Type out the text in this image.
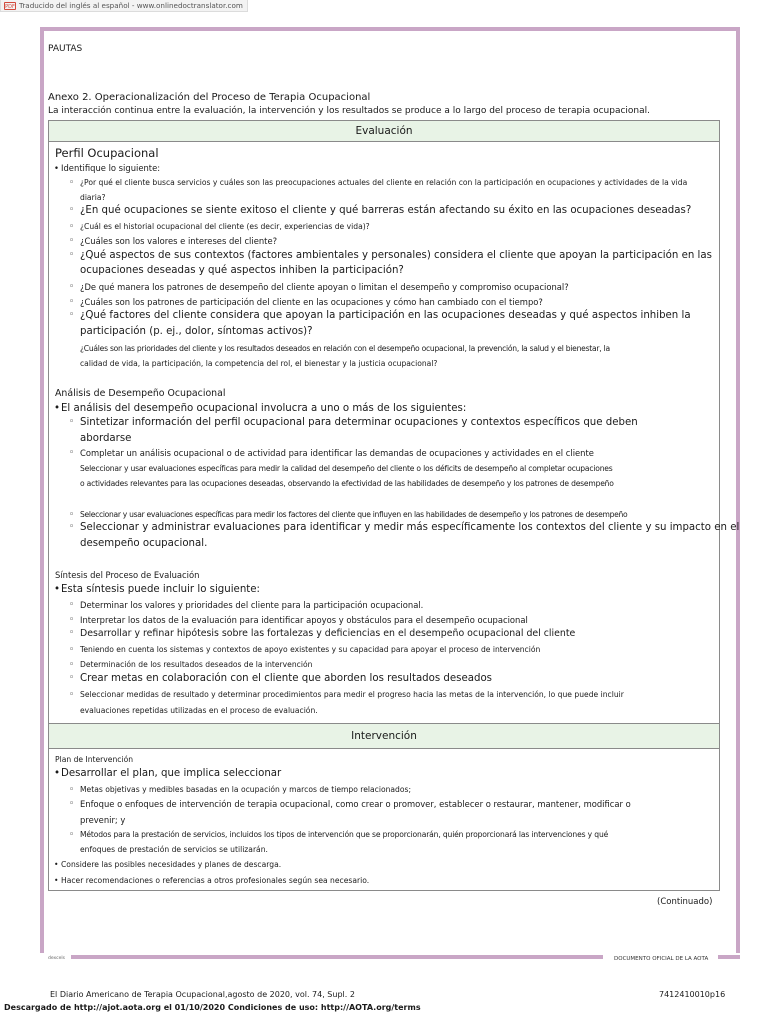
PDF Traducido del inglés al español - www.onlinedoctranslator.com
PAUTAS
Anexo 2. Operacionalización del Proceso de Terapia Ocupacional
La interacción continua entre la evaluación, la intervención y los resultados se produce a lo largo del proceso de terapia ocupacional.
Evaluación
Perfil Ocupacional
• Identifique lo siguiente:
◦ ¿Por qué el cliente busca servicios y cuáles son las preocupaciones actuales del cliente en relación con la participación en ocupaciones y actividades de la vida
diaria?
◦ ¿En qué ocupaciones se siente exitoso el cliente y qué barreras están afectando su éxito en las ocupaciones deseadas?
◦ ¿Cuál es el historial ocupacional del cliente (es decir, experiencias de vida)?
◦ ¿Cuáles son los valores e intereses del cliente?
◦ ¿Qué aspectos de sus contextos (factores ambientales y personales) considera el cliente que apoyan la participación en las
ocupaciones deseadas y qué aspectos inhiben la participación?
◦ ¿De qué manera los patrones de desempeño del cliente apoyan o limitan el desempeño y compromiso ocupacional?
◦ ¿Cuáles son los patrones de participación del cliente en las ocupaciones y cómo han cambiado con el tiempo?
◦ ¿Qué factores del cliente considera que apoyan la participación en las ocupaciones deseadas y qué aspectos inhiben la
participación (p. ej., dolor, síntomas activos)?
¿Cuáles son las prioridades del cliente y los resultados deseados en relación con el desempeño ocupacional, la prevención, la salud y el bienestar, la
calidad de vida, la participación, la competencia del rol, el bienestar y la justicia ocupacional?
Análisis de Desempeño Ocupacional
• El análisis del desempeño ocupacional involucra a uno o más de los siguientes:
◦ Sintetizar información del perfil ocupacional para determinar ocupaciones y contextos específicos que deben
abordarse
◦ Completar un análisis ocupacional o de actividad para identificar las demandas de ocupaciones y actividades en el cliente
Seleccionar y usar evaluaciones específicas para medir la calidad del desempeño del cliente o los déficits de desempeño al completar ocupaciones
o actividades relevantes para las ocupaciones deseadas, observando la efectividad de las habilidades de desempeño y los patrones de desempeño
◦ Seleccionar y usar evaluaciones específicas para medir los factores del cliente que influyen en las habilidades de desempeño y los patrones de desempeño
◦ Seleccionar y administrar evaluaciones para identificar y medir más específicamente los contextos del cliente y su impacto en el
desempeño ocupacional.
Síntesis del Proceso de Evaluación
• Esta síntesis puede incluir lo siguiente:
◦ Determinar los valores y prioridades del cliente para la participación ocupacional.
◦ Interpretar los datos de la evaluación para identificar apoyos y obstáculos para el desempeño ocupacional
◦ Desarrollar y refinar hipótesis sobre las fortalezas y deficiencias en el desempeño ocupacional del cliente
◦ Teniendo en cuenta los sistemas y contextos de apoyo existentes y su capacidad para apoyar el proceso de intervención
◦ Determinación de los resultados deseados de la intervención
◦ Crear metas en colaboración con el cliente que aborden los resultados deseados
◦ Seleccionar medidas de resultado y determinar procedimientos para medir el progreso hacia las metas de la intervención, lo que puede incluir
evaluaciones repetidas utilizadas en el proceso de evaluación.
Intervención
Plan de Intervención
• Desarrollar el plan, que implica seleccionar
◦ Metas objetivas y medibles basadas en la ocupación y marcos de tiempo relacionados;
◦ Enfoque o enfoques de intervención de terapia ocupacional, como crear o promover, establecer o restaurar, mantener, modificar o
prevenir; y
◦ Métodos para la prestación de servicios, incluidos los tipos de intervención que se proporcionarán, quién proporcionará las intervenciones y qué
enfoques de prestación de servicios se utilizarán.
• Considere las posibles necesidades y planes de descarga.
• Hacer recomendaciones o referencias a otros profesionales según sea necesario.
(Continuado)
dexcels	DOCUMENTO OFICIAL DE LA AOTA
El Diario Americano de Terapia Ocupacional,agosto de 2020, vol. 74, Supl. 2	7412410010p16
Descargado de http://ajot.aota.org el 01/10/2020 Condiciones de uso: http://AOTA.org/terms
